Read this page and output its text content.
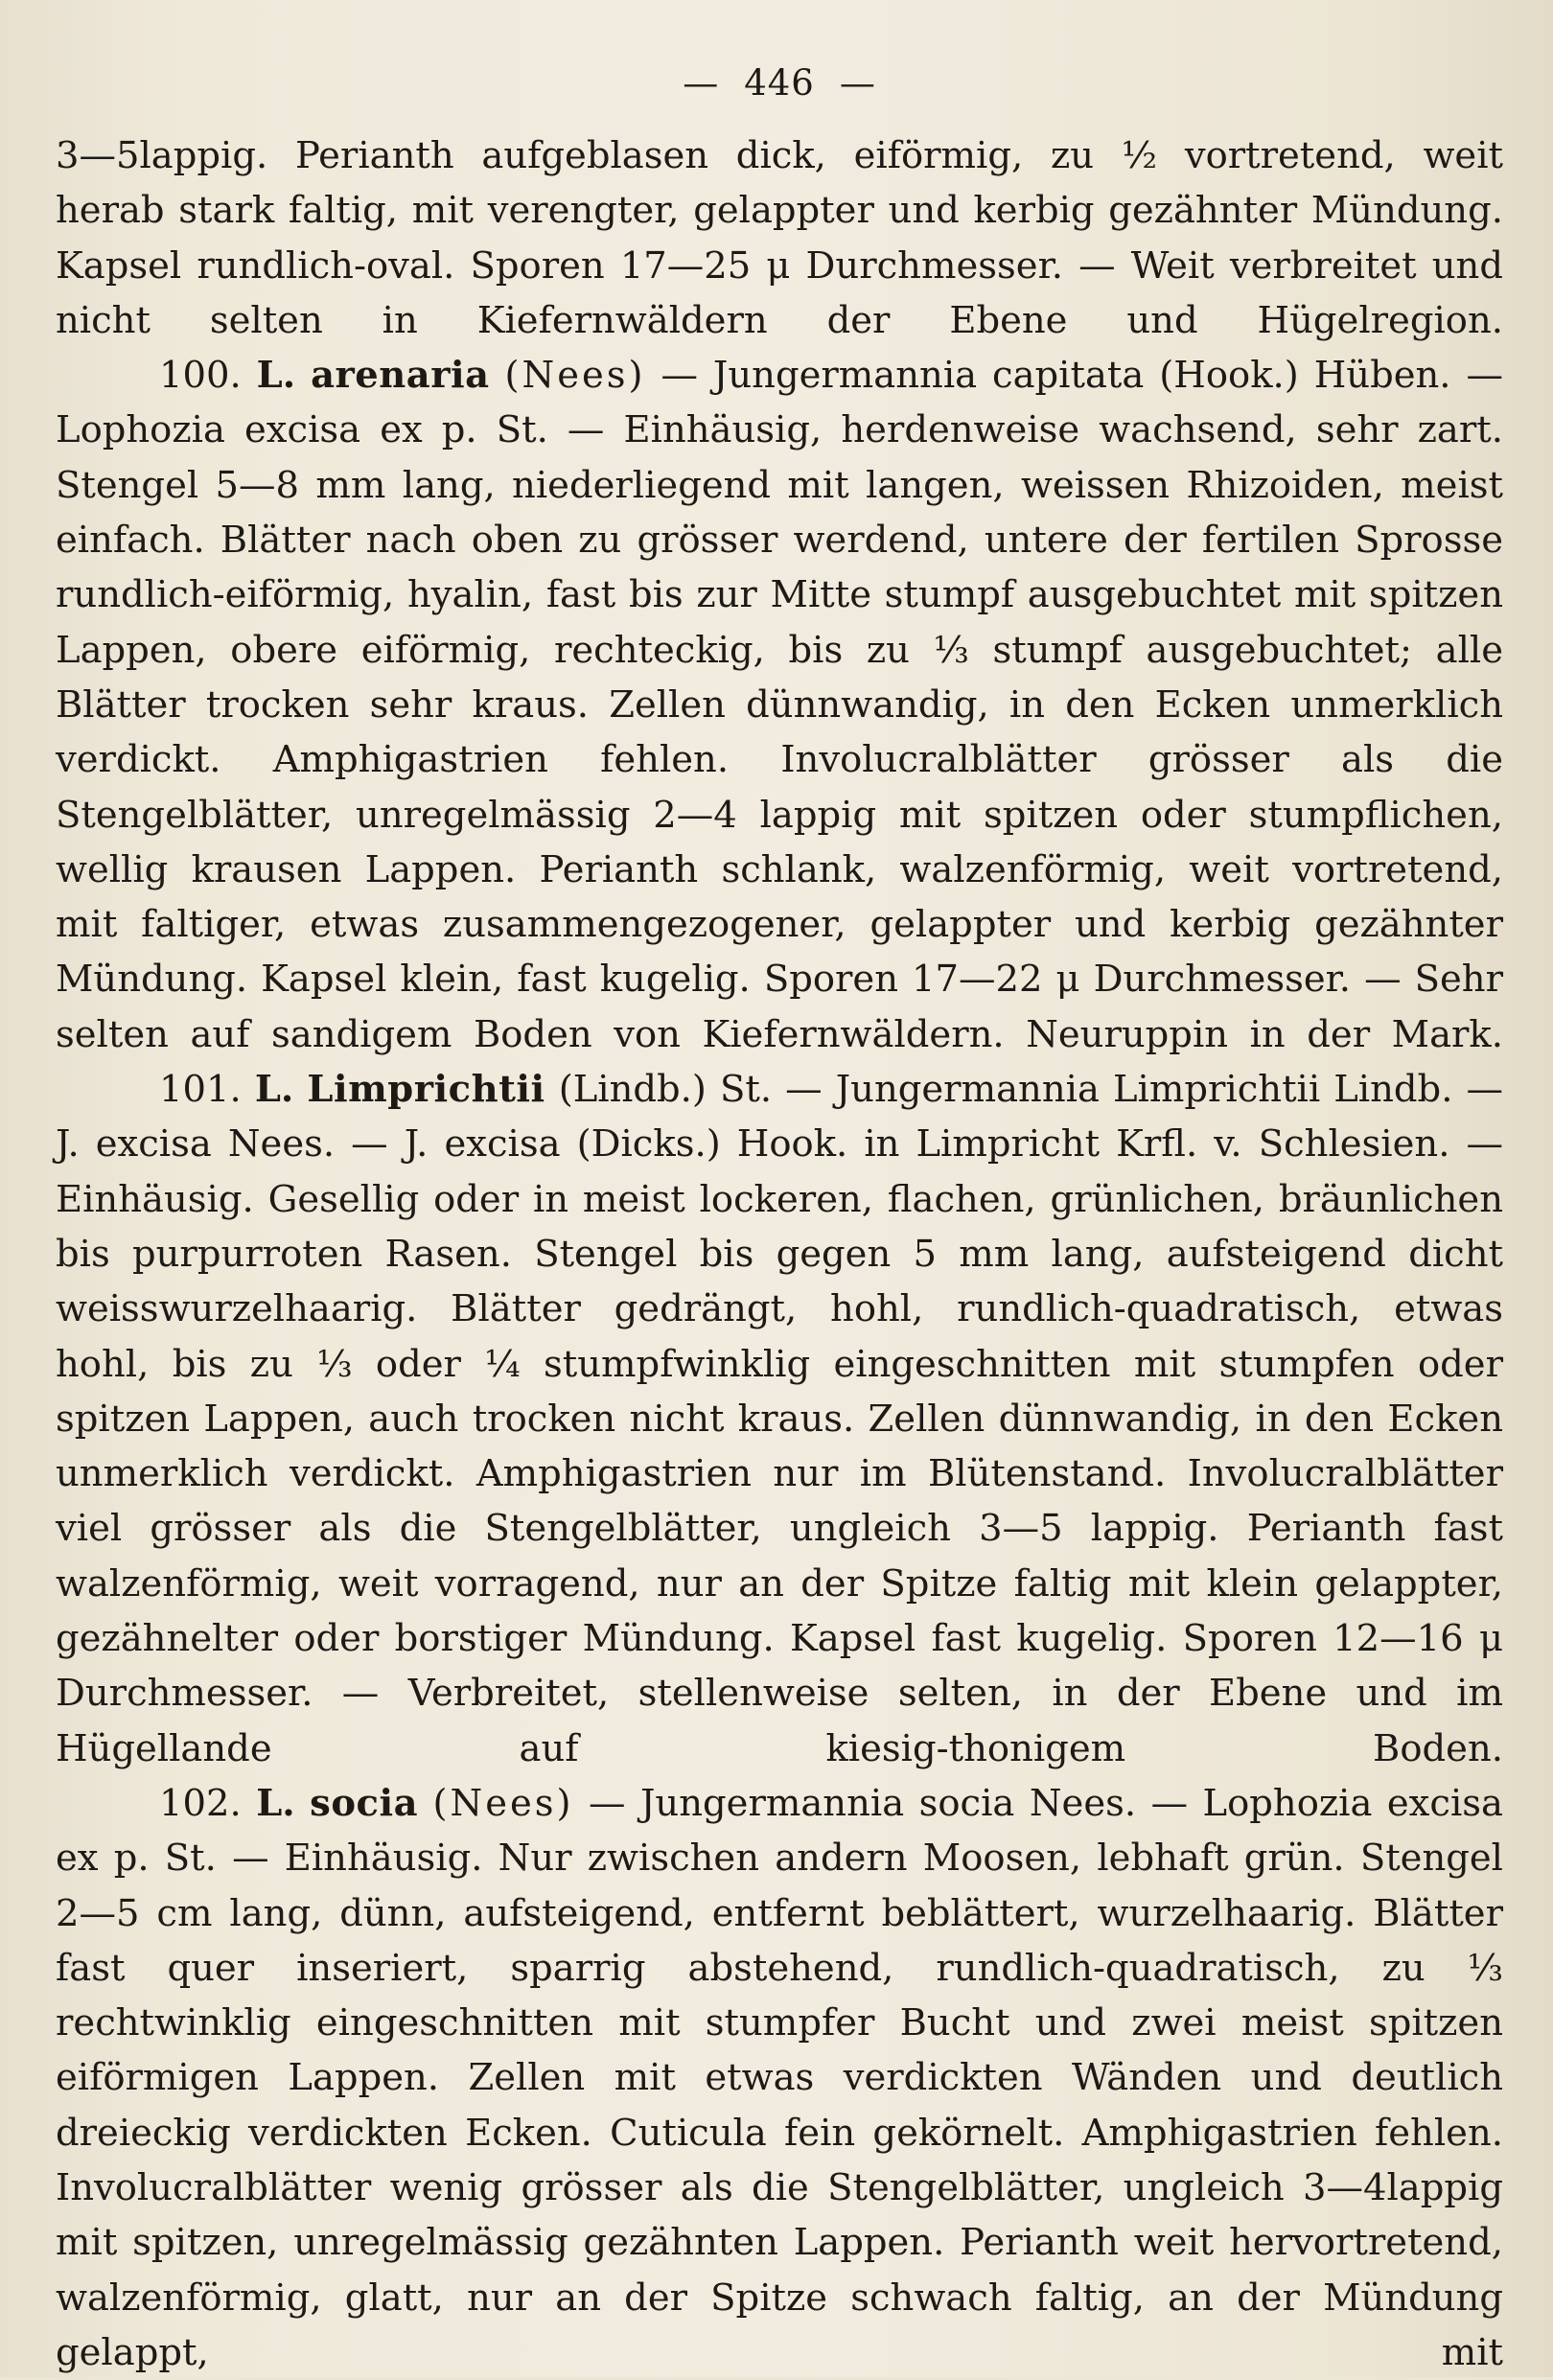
— 446 —

3—5lappig. Perianth aufgeblasen dick, eiförmig, zu ½ vortretend, weit herab stark faltig, mit verengter, gelappter und kerbig gezähnter Mündung. Kapsel rundlich-oval. Sporen 17—25 μ Durchmesser. — Weit verbreitet und nicht selten in Kiefernwäldern der Ebene und Hügelregion.

100. L. arenaria (Nees) — Jungermannia capitata (Hook.) Hüben. — Lophozia excisa ex p. St. — Einhäusig, herdenweise wachsend, sehr zart. Stengel 5—8 mm lang, niederliegend mit langen, weissen Rhizoiden, meist einfach. Blätter nach oben zu grösser werdend, untere der fertilen Sprosse rundlich-eiförmig, hyalin, fast bis zur Mitte stumpf ausgebuchtet mit spitzen Lappen, obere eiförmig, rechteckig, bis zu ⅓ stumpf ausgebuchtet; alle Blätter trocken sehr kraus. Zellen dünnwandig, in den Ecken unmerklich verdickt. Amphigastrien fehlen. Involucralblätter grösser als die Stengelblätter, unregelmässig 2—4 lappig mit spitzen oder stumpflichen, wellig krausen Lappen. Perianth schlank, walzenförmig, weit vortretend, mit faltiger, etwas zusammengezogener, gelappter und kerbig gezähnter Mündung. Kapsel klein, fast kugelig. Sporen 17—22 μ Durchmesser. — Sehr selten auf sandigem Boden von Kiefernwäldern. Neuruppin in der Mark.

101. L. Limprichtii (Lindb.) St. — Jungermannia Limprichtii Lindb. — J. excisa Nees. — J. excisa (Dicks.) Hook. in Limpricht Krfl. v. Schlesien. — Einhäusig. Gesellig oder in meist lockeren, flachen, grünlichen, bräunlichen bis purpurroten Rasen. Stengel bis gegen 5 mm lang, aufsteigend dicht weisswurzelhaarig. Blätter gedrängt, hohl, rundlich-quadratisch, etwas hohl, bis zu ⅓ oder ¼ stumpfwinklig eingeschnitten mit stumpfen oder spitzen Lappen, auch trocken nicht kraus. Zellen dünnwandig, in den Ecken unmerklich verdickt. Amphigastrien nur im Blütenstand. Involucralblätter viel grösser als die Stengelblätter, ungleich 3—5 lappig. Perianth fast walzenförmig, weit vorragend, nur an der Spitze faltig mit klein gelappter, gezähnelter oder borstiger Mündung. Kapsel fast kugelig. Sporen 12—16 μ Durchmesser. — Verbreitet, stellenweise selten, in der Ebene und im Hügellande auf kiesig-thonigem Boden.

102. L. socia (Nees) — Jungermannia socia Nees. — Lophozia excisa ex p. St. — Einhäusig. Nur zwischen andern Moosen, lebhaft grün. Stengel 2—5 cm lang, dünn, aufsteigend, entfernt beblättert, wurzelhaarig. Blätter fast quer inseriert, sparrig abstehend, rundlich-quadratisch, zu ⅓ rechtwinklig eingeschnitten mit stumpfer Bucht und zwei meist spitzen eiförmigen Lappen. Zellen mit etwas verdickten Wänden und deutlich dreieckig verdickten Ecken. Cuticula fein gekörnelt. Amphigastrien fehlen. Involucralblätter wenig grösser als die Stengelblätter, ungleich 3—4lappig mit spitzen, unregelmässig gezähnten Lappen. Perianth weit hervortretend, walzenförmig, glatt, nur an der Spitze schwach faltig, an der Mündung gelappt, mit
